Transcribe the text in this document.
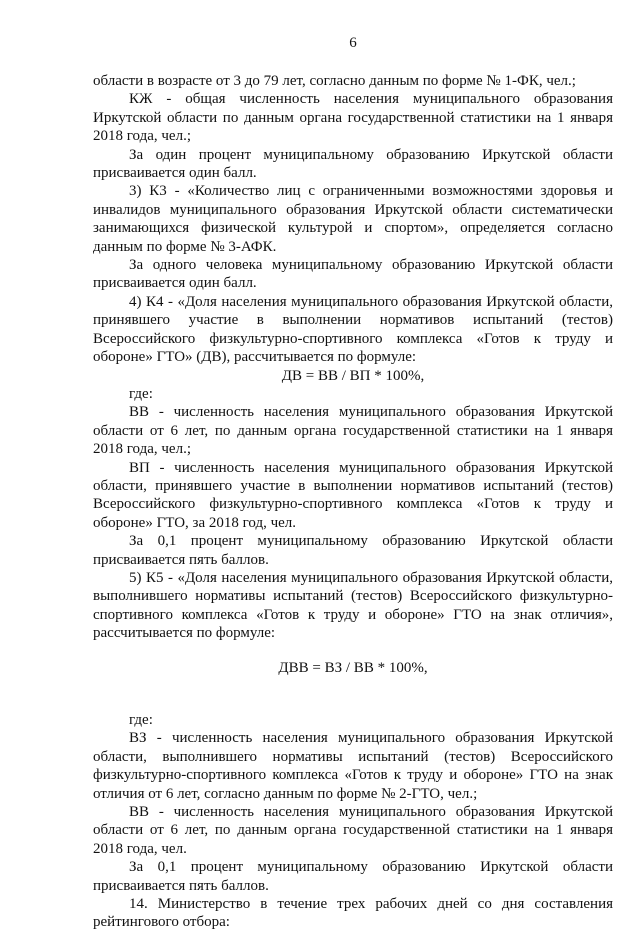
6

области в возрасте от 3 до 79 лет, согласно данным по форме № 1-ФК, чел.;

КЖ - общая численность населения муниципального образования Иркутской области по данным органа государственной статистики на 1 января 2018 года, чел.;

За один процент муниципальному образованию Иркутской области присваивается один балл.

3) К3 - «Количество лиц с ограниченными возможностями здоровья и инвалидов муниципального образования Иркутской области систематически занимающихся физической культурой и спортом», определяется согласно данным по форме № 3-АФК.

За одного человека муниципальному образованию Иркутской области присваивается один балл.

4) К4 - «Доля населения муниципального образования Иркутской области, принявшего участие в выполнении нормативов испытаний (тестов) Всероссийского физкультурно-спортивного комплекса «Готов к труду и обороне» ГТО» (ДВ), рассчитывается по формуле:

ДВ = ВВ / ВП * 100%,

где:

ВВ - численность населения муниципального образования Иркутской области от 6 лет, по данным органа государственной статистики на 1 января 2018 года, чел.;

ВП - численность населения муниципального образования Иркутской области, принявшего участие в выполнении нормативов испытаний (тестов) Всероссийского физкультурно-спортивного комплекса «Готов к труду и обороне» ГТО, за 2018 год, чел.

За 0,1 процент муниципальному образованию Иркутской области присваивается пять баллов.

5) К5 - «Доля населения муниципального образования Иркутской области, выполнившего нормативы испытаний (тестов) Всероссийского физкультурно-спортивного комплекса «Готов к труду и обороне» ГТО на знак отличия», рассчитывается по формуле:

ДВВ = ВЗ / ВВ * 100%,

где:

ВЗ - численность населения муниципального образования Иркутской области, выполнившего нормативы испытаний (тестов) Всероссийского физкультурно-спортивного комплекса «Готов к труду и обороне» ГТО на знак отличия от 6 лет, согласно данным по форме № 2-ГТО, чел.;

ВВ - численность населения муниципального образования Иркутской области от 6 лет, по данным органа государственной статистики на 1 января 2018 года, чел.

За 0,1 процент муниципальному образованию Иркутской области присваивается пять баллов.

14. Министерство в течение трех рабочих дней со дня составления рейтингового отбора:
